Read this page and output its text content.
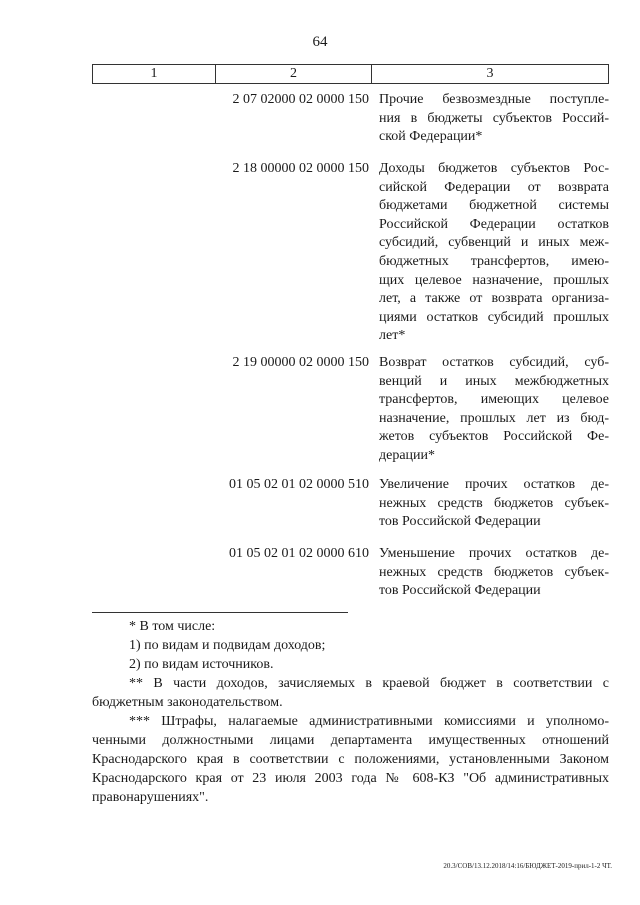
64
1	2	3
2 07 02000 02 0000 150 Прочие безвозмездные поступле-
ния в бюджеты субъектов Россий-
ской Федерации*
2 18 00000 02 0000 150 Доходы бюджетов субъектов Рос-
сийской Федерации от возврата
бюджетами бюджетной системы
Российской Федерации остатков
субсидий, субвенций и иных меж-
бюджетных трансфертов, имею-
щих целевое назначение, прошлых
лет, а также от возврата организа-
циями остатков субсидий прошлых
лет*
2 19 00000 02 0000 150 Возврат остатков субсидий, суб-
венций и иных межбюджетных
трансфертов, имеющих целевое
назначение, прошлых лет из бюд-
жетов субъектов Российской Фе-
дерации*
01 05 02 01 02 0000 510 Увеличение прочих остатков де-
нежных средств бюджетов субъек-
тов Российской Федерации
01 05 02 01 02 0000 610 Уменьшение прочих остатков де-
нежных средств бюджетов субъек-
тов Российской Федерации
* В том числе:
1) по видам и подвидам доходов;
2) по видам источников.
** В части доходов, зачисляемых в краевой бюджет в соответствии с
бюджетным законодательством.
*** Штрафы, налагаемые административными комиссиями и уполномо-
ченными должностными лицами департамента имущественных отношений
Краснодарского края в соответствии с положениями, установленными Законом
Краснодарского края от 23 июля 2003 года № 608-КЗ "Об административных
правонарушениях".
20.3/СОВ/13.12.2018/14:16/БЮДЖЕТ-2019-прил-1-2 ЧТ.
